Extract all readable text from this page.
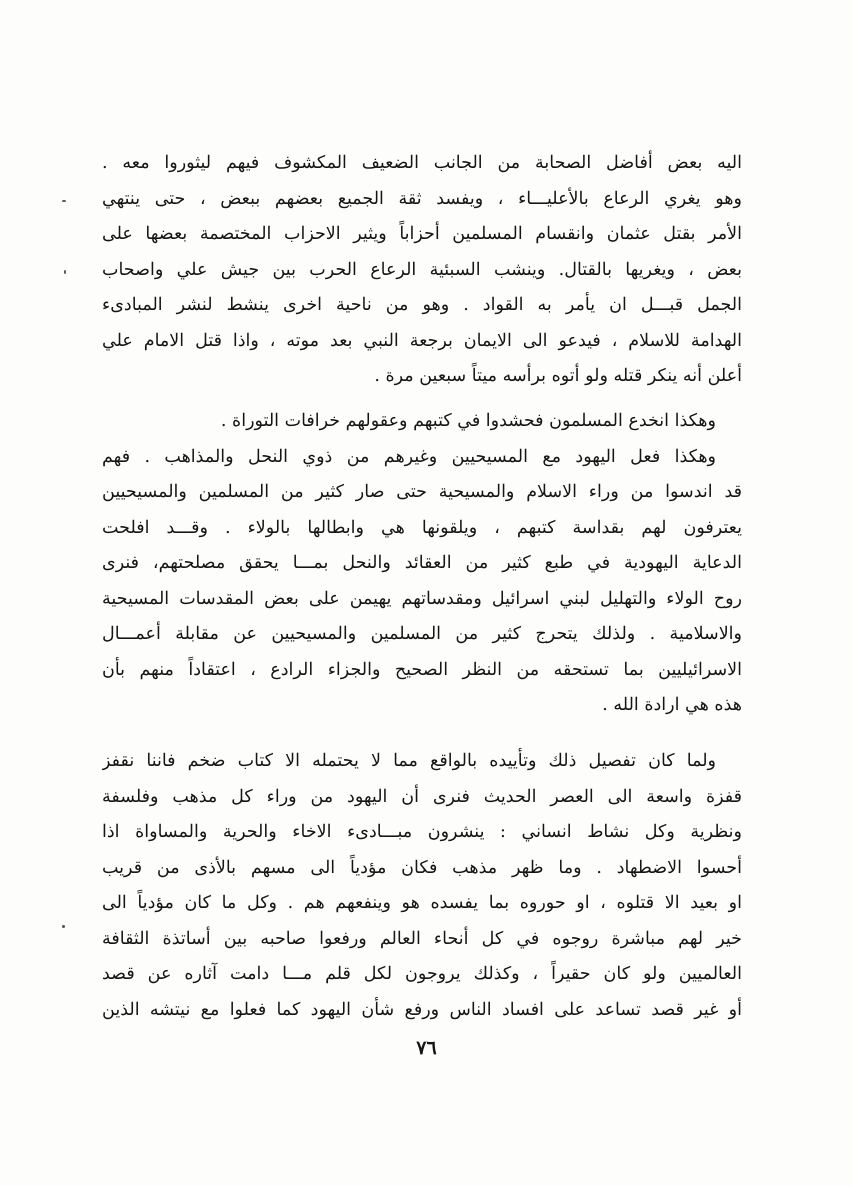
اليه بعض أفاضل الصحابة من الجانب الضعيف المكشوف فيهم ليثوروا معه .
وهو يغري الرعاع بالأعليـــاء ، ويفسد ثقة الجميع بعضهم ببعض ، حتى ينتهي
الأمر بقتل عثمان وانقسام المسلمين أحزاباً ويثير الاحزاب المختصمة بعضها على
بعض ، ويغريها بالقتال. وينشب السبئية الرعاع الحرب بين جيش علي واصحاب
الجمل قبـــل ان يأمر به القواد . وهو من ناحية اخرى ينشط لنشر المبادىء
الهدامة للاسلام ، فيدعو الى الايمان برجعة النبي بعد موته ، واذا قتل الامام علي
أعلن أنه ينكر قتله ولو أتوه برأسه ميتاً سبعين مرة .
وهكذا انخدع المسلمون فحشدوا في كتبهم وعقولهم خرافات التوراة .
وهكذا فعل اليهود مع المسيحيين وغيرهم من ذوي النحل والمذاهب . فهم
قد اندسوا من وراء الاسلام والمسيحية حتى صار كثير من المسلمين والمسيحيين
يعترفون لهم بقداسة كتبهم ، ويلقونها هي وابطالها بالولاء . وقـــد افلحت
الدعاية اليهودية في طبع كثير من العقائد والنحل بمـــا يحقق مصلحتهم، فنرى
روح الولاء والتهليل لبني اسرائيل ومقدساتهم يهيمن على بعض المقدسات المسيحية
والاسلامية . ولذلك يتحرج كثير من المسلمين والمسيحيين عن مقابلة أعمـــال
الاسرائيليين بما تستحقه من النظر الصحيح والجزاء الرادع ، اعتقاداً منهم بأن
هذه هي ارادة الله .
ولما كان تفصيل ذلك وتأييده بالواقع مما لا يحتمله الا كتاب ضخم فاننا نقفز
قفزة واسعة الى العصر الحديث فنرى أن اليهود من وراء كل مذهب وفلسفة
ونظرية وكل نشاط انساني : ينشرون مبـــادىء الاخاء والحرية والمساواة اذا
أحسوا الاضطهاد . وما ظهر مذهب فكان مؤدياً الى مسهم بالأذى من قريب
او بعيد الا قتلوه ، او حوروه بما يفسده هو وينفعهم هم . وكل ما كان مؤدياً الى
خير لهم مباشرة روجوه في كل أنحاء العالم ورفعوا صاحبه بين أساتذة الثقافة
العالميين ولو كان حقيراً ، وكذلك يروجون لكل قلم مـــا دامت آثاره عن قصد
أو غير قصد تساعد على افساد الناس ورفع شأن اليهود كما فعلوا مع نيتشه الذين
٧٦
